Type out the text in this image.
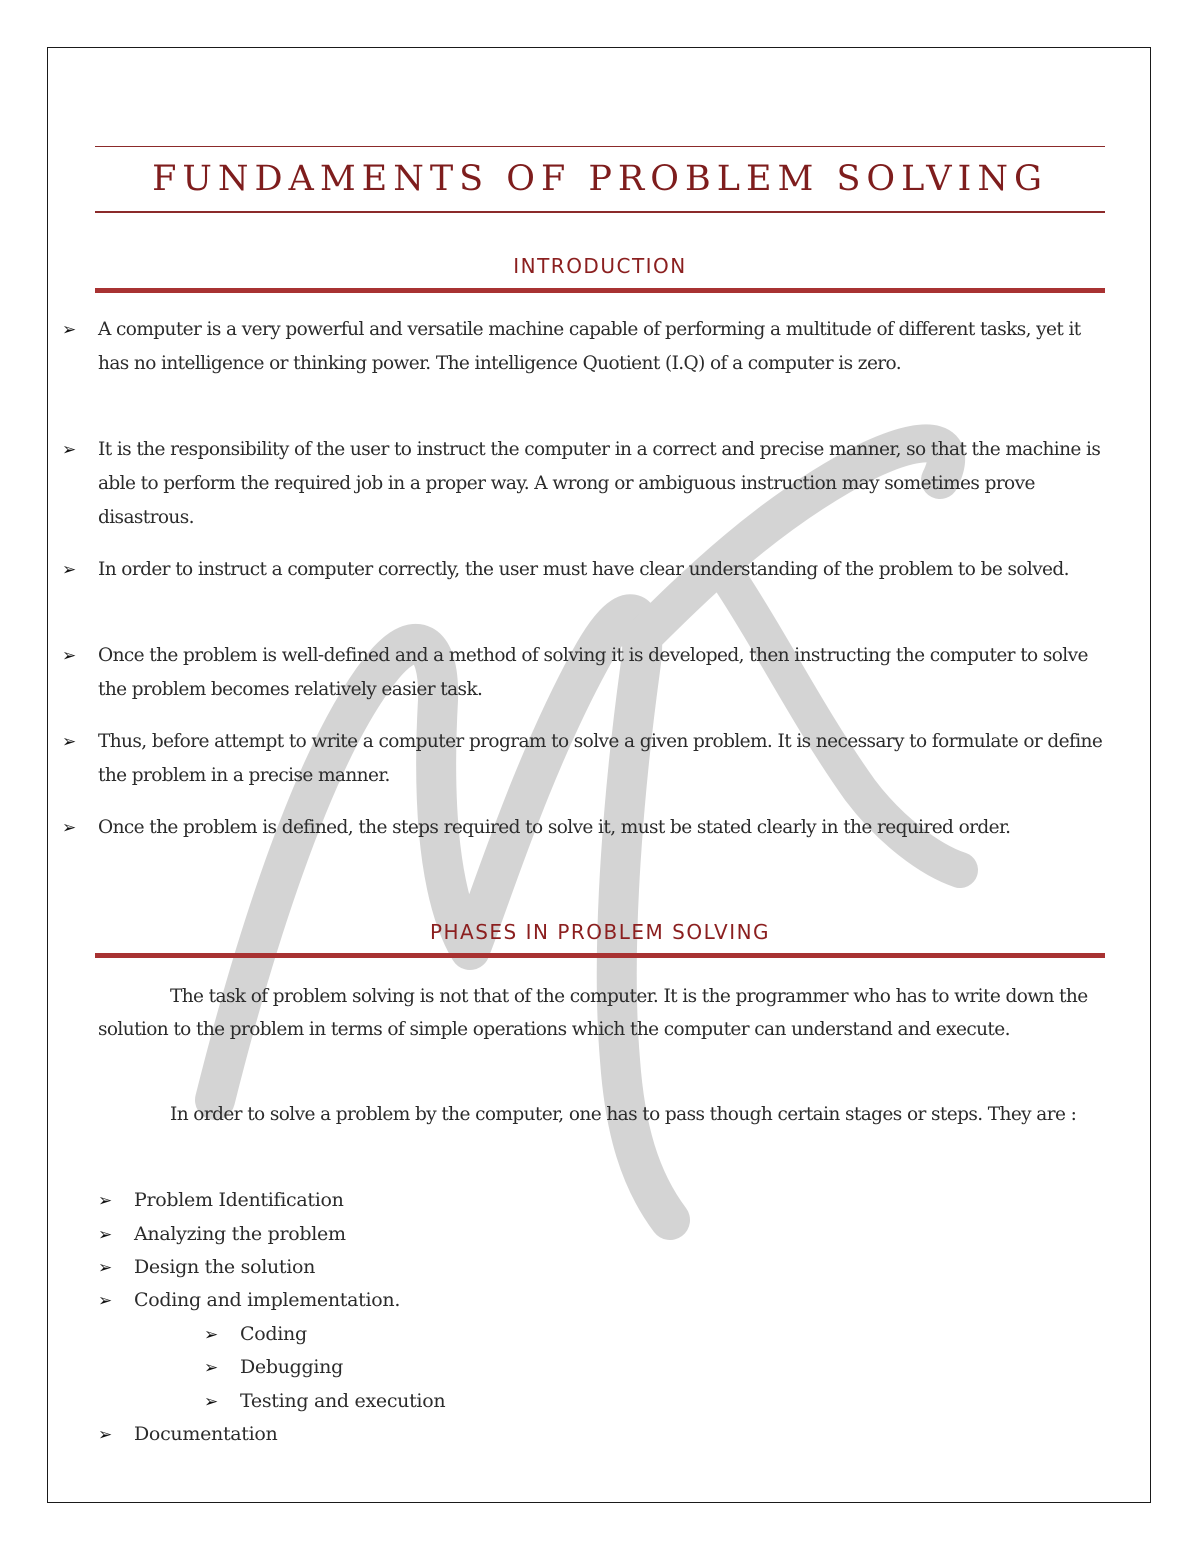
FUNDAMENTS OF PROBLEM SOLVING
INTRODUCTION
➢ A computer is a very powerful and versatile machine capable of performing a multitude of different tasks, yet it has no intelligence or thinking power. The intelligence Quotient (I.Q) of a computer is zero.
➢ It is the responsibility of the user to instruct the computer in a correct and precise manner, so that the machine is able to perform the required job in a proper way. A wrong or ambiguous instruction may sometimes prove disastrous.
➢ In order to instruct a computer correctly, the user must have clear understanding of the problem to be solved.
➢ Once the problem is well-defined and a method of solving it is developed, then instructing the computer to solve the problem becomes relatively easier task.
➢ Thus, before attempt to write a computer program to solve a given problem. It is necessary to formulate or define the problem in a precise manner.
➢ Once the problem is defined, the steps required to solve it, must be stated clearly in the required order.
PHASES IN PROBLEM SOLVING
The task of problem solving is not that of the computer. It is the programmer who has to write down the solution to the problem in terms of simple operations which the computer can understand and execute.
In order to solve a problem by the computer, one has to pass though certain stages or steps. They are :
➢ Problem Identification
➢ Analyzing the problem
➢ Design the solution
➢ Coding and implementation.
➢ Coding
➢ Debugging
➢ Testing and execution
➢ Documentation
